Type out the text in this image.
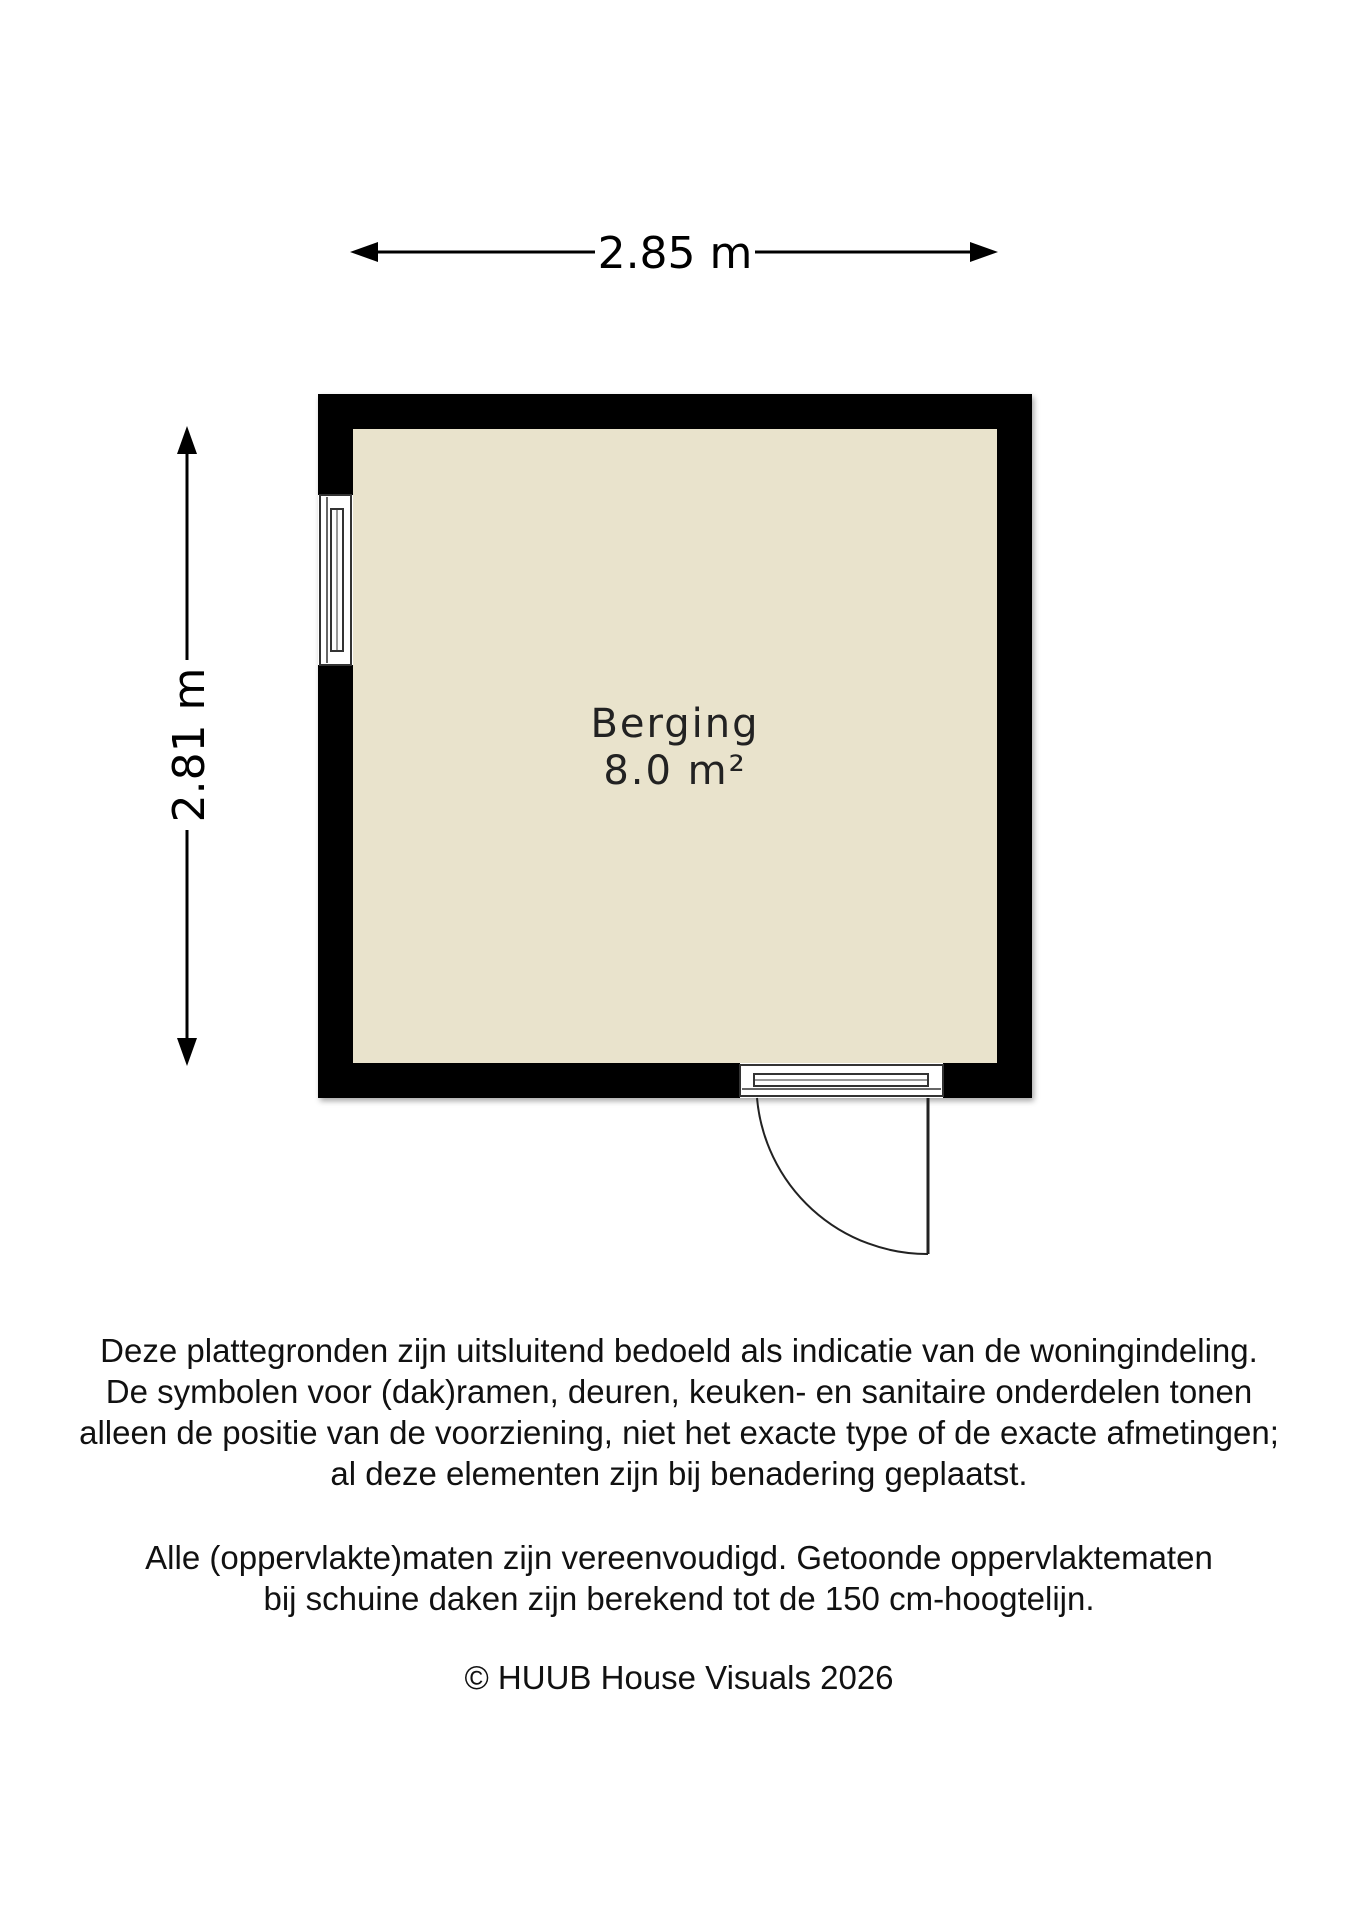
2.85 m
2.81 m	Berging
8.0 m²

Deze plattegronden zijn uitsluitend bedoeld als indicatie van de woningindeling.
De symbolen voor (dak)ramen, deuren, keuken- en sanitaire onderdelen tonen
alleen de positie van de voorziening, niet het exacte type of de exacte afmetingen;
al deze elementen zijn bij benadering geplaatst.

Alle (oppervlakte)maten zijn vereenvoudigd. Getoonde oppervlaktematen
bij schuine daken zijn berekend tot de 150 cm-hoogtelijn.

© HUUB House Visuals 2026
